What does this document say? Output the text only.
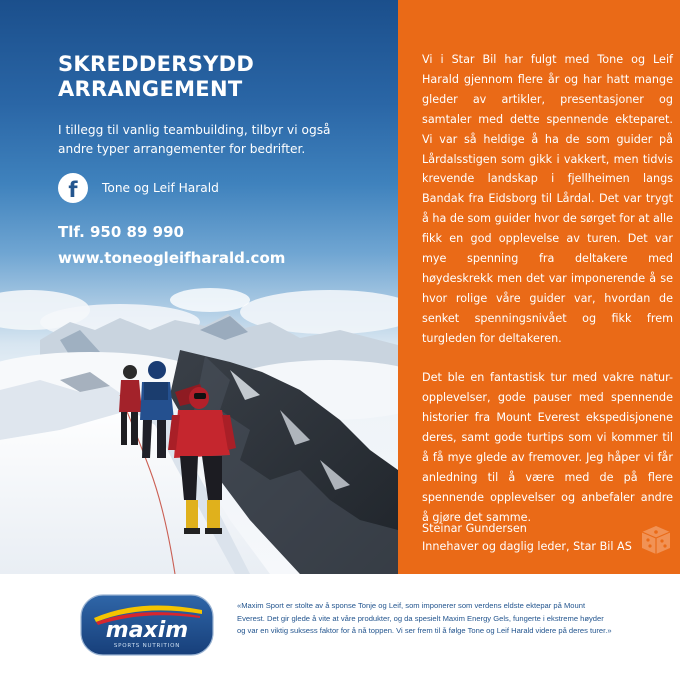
SKREDDERSYDD
ARRANGEMENT
I tillegg til vanlig teambuilding, tilbyr vi også andre typer arrangementer for bedrifter.
f Tone og Leif Harald
Tlf. 950 89 990
www.toneogleifharald.com

Vi i Star Bil har fulgt med Tone og Leif Harald gjennom flere år og har hatt mange gleder av artikler, presentasjoner og samtaler med dette spennende ekteparet. Vi var så heldige å ha de som guider på Lårdalsstigen som gikk i vakkert, men tidvis krevende landskap i fjellheimen langs Bandak fra Eidsborg til Lårdal. Det var trygt å ha de som guider hvor de sørget for at alle fikk en god opplevelse av turen. Det var mye spenning fra deltakere med høydeskrekk men det var imponerende å se hvor rolige våre guider var, hvordan de senket spenningsnivået og fikk frem turgleden for deltakeren.

Det ble en fantastisk tur med vakre natur-opplevelser, gode pauser med spennende historier fra Mount Everest ekspedisjonene deres, samt gode turtips som vi kommer til å få mye glede av fremover. Jeg håper vi får anledning til å være med de på flere spennende opplevelser og anbefaler andre å gjøre det samme.

Steinar Gundersen
Innehaver og daglig leder, Star Bil AS
maxim
SPORTS NUTRITION
«Maxim Sport er stolte av å sponse Tonje og Leif, som imponerer som verdens eldste ektepar på Mount
Everest. Det gir glede å vite at våre produkter, og da spesielt Maxim Energy Gels, fungerte i ekstreme høyder
og var en viktig suksess faktor for å nå toppen. Vi ser frem til å følge Tone og Leif Harald videre på deres turer.»
